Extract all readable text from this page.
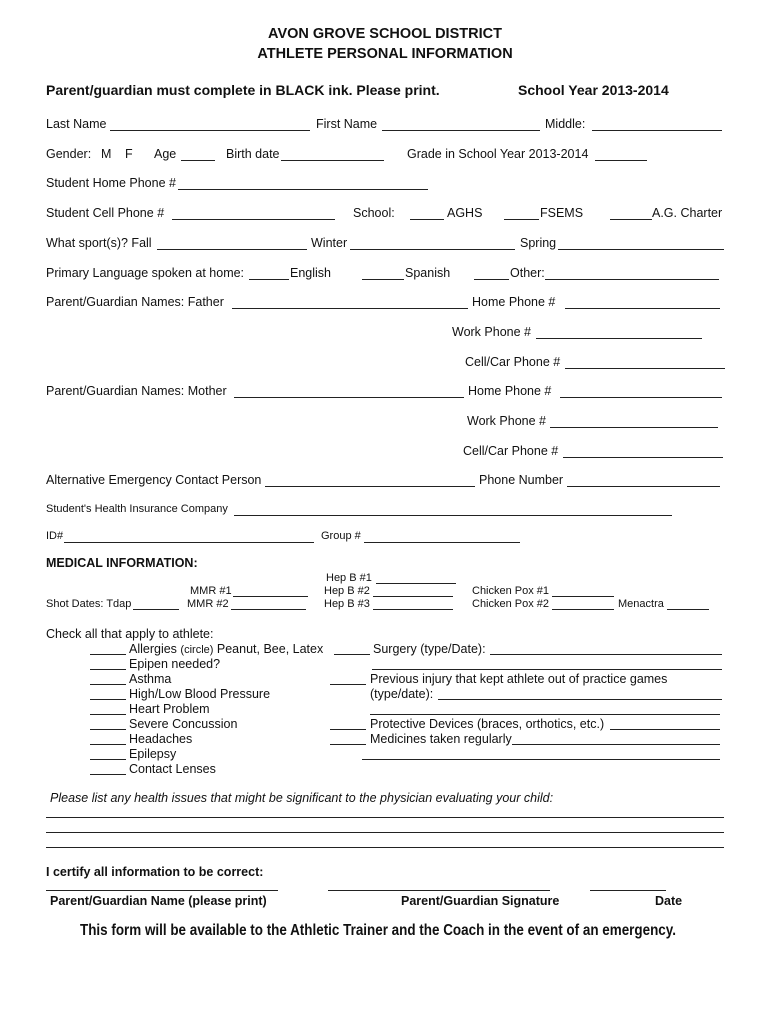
AVON GROVE SCHOOL DISTRICT
ATHLETE PERSONAL INFORMATION
Parent/guardian must complete in BLACK ink. Please print.	School Year 2013-2014
Last Name	First Name	Middle:
Gender: M F Age	Birth date	Grade in School Year 2013-2014
Student Home Phone #
Student Cell Phone #	School:	AGHS	FSEMS	A.G. Charter
What sport(s)? Fall	Winter	Spring
Primary Language spoken at home:	English	Spanish	Other:
Parent/Guardian Names: Father	Home Phone #
Work Phone #
Cell/Car Phone #
Parent/Guardian Names: Mother	Home Phone #
Work Phone #
Cell/Car Phone #
Alternative Emergency Contact Person	Phone Number
Student's Health Insurance Company
ID#	Group #
MEDICAL INFORMATION:
Hep B #1
MMR #1	Hep B #2	Chicken Pox #1
Shot Dates: Tdap	MMR #2	Hep B #3	Chicken Pox #2	Menactra
Check all that apply to athlete:
Allergies (circle) Peanut, Bee, Latex
Epipen needed?
Asthma
High/Low Blood Pressure
Heart Problem
Severe Concussion
Headaches
Epilepsy
Contact Lenses
Surgery (type/Date):
Previous injury that kept athlete out of practice games
(type/date):
Protective Devices (braces, orthotics, etc.)
Medicines taken regularly
Please list any health issues that might be significant to the physician evaluating your child:
I certify all information to be correct:
Parent/Guardian Name (please print)	Parent/Guardian Signature	Date
This form will be available to the Athletic Trainer and the Coach in the event of an emergency.
